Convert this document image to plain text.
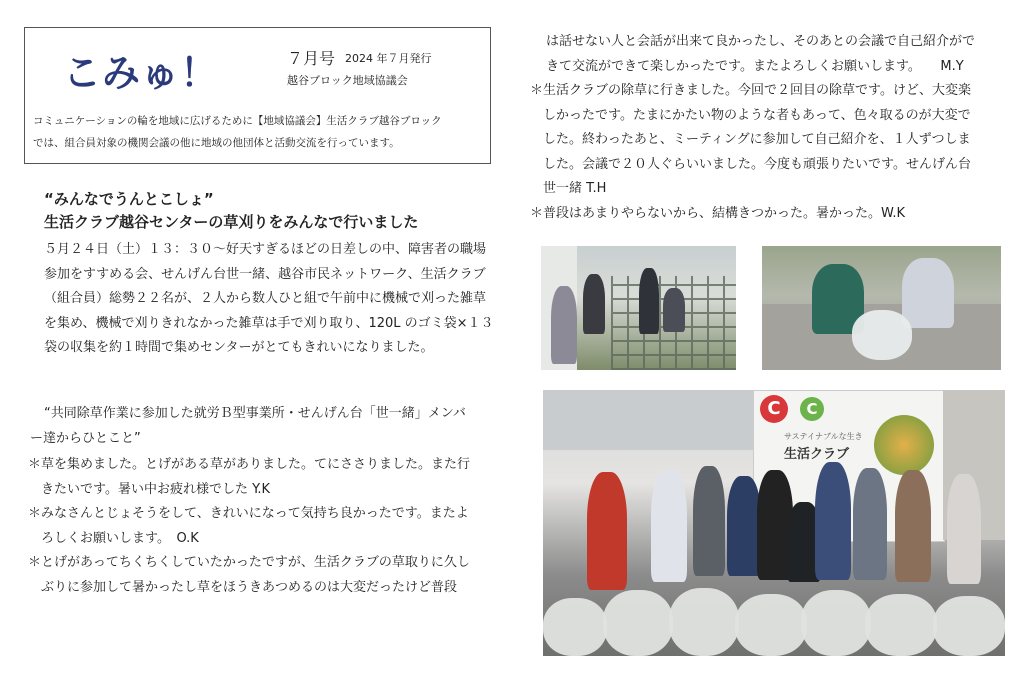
こみゅ！	７月号 2024 年７月発行
越谷ブロック地域協議会
コミュニケーションの輪を地域に広げるために【地域協議会】生活クラブ越谷ブロック
では、組合員対象の機関会議の他に地域の他団体と活動交流を行っています。
“みんなでうんとこしょ”
生活クラブ越谷センターの草刈りをみんなで行いました
５月２４日（土）１３：３０～好天すぎるほどの日差しの中、障害者の職場
参加をすすめる会、せんげん台世一緒、越谷市民ネットワーク、生活クラブ
（組合員）総勢２２名が、２人から数人ひと組で午前中に機械で刈った雑草
を集め、機械で刈りきれなかった雑草は手で刈り取り、120L のゴミ袋×１３
袋の収集を約１時間で集めセンターがとてもきれいになりました。
“共同除草作業に参加した就労Ｂ型事業所・せんげん台「世一緒」メンバ
ー達からひとこと”
＊草を集めました。とげがある草がありました。てにささりました。また行
　きたいです。暑い中お疲れ様でした Y.K
＊みなさんとじょそうをして、きれいになって気持ち良かったです。またよ
　ろしくお願いします。　O.K
＊とげがあってちくちくしていたかったですが、生活クラブの草取りに久し
　ぶりに参加して暑かったし草をほうきあつめるのは大変だったけど普段
は話せない人と会話が出来て良かったし、そのあとの会議で自己紹介がで
きて交流ができて楽しかったです。またよろしくお願いします。　　M.Y
＊生活クラブの除草に行きました。今回で２回目の除草です。けど、大変楽
　しかったです。たまにかたい物のような者もあって、色々取るのが大変で
　した。終わったあと、ミーティングに参加して自己紹介を、１人ずつしま
　した。会議で２０人ぐらいいました。今度も頑張りたいです。せんげん台
　世一緒 T.H
＊普段はあまりやらないから、結構きつかった。暑かった。W.K
C	C
サステイナブルな生き
生活クラブ
